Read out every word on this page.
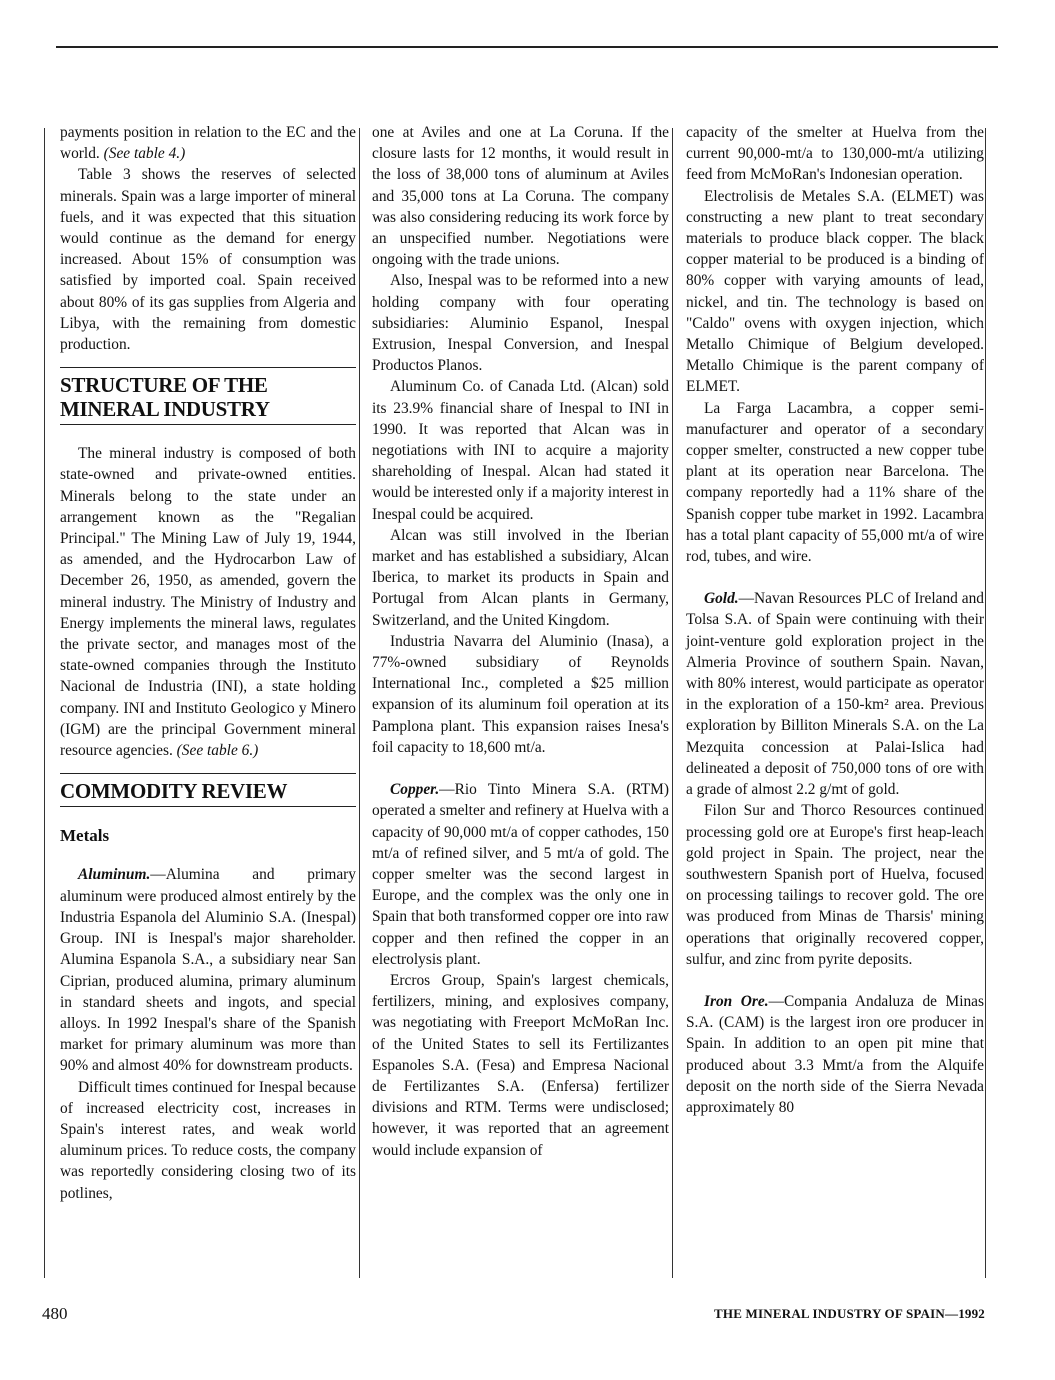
payments position in relation to the EC and the world. (See table 4.)

Table 3 shows the reserves of selected minerals. Spain was a large importer of mineral fuels, and it was expected that this situation would continue as the demand for energy increased. About 15% of consumption was satisfied by imported coal. Spain received about 80% of its gas supplies from Algeria and Libya, with the remaining from domestic production.

STRUCTURE OF THE MINERAL INDUSTRY

The mineral industry is composed of both state-owned and private-owned entities. Minerals belong to the state under an arrangement known as the "Regalian Principal." The Mining Law of July 19, 1944, as amended, and the Hydrocarbon Law of December 26, 1950, as amended, govern the mineral industry. The Ministry of Industry and Energy implements the mineral laws, regulates the private sector, and manages most of the state-owned companies through the Instituto Nacional de Industria (INI), a state holding company. INI and Instituto Geologico y Minero (IGM) are the principal Government mineral resource agencies. (See table 6.)

COMMODITY REVIEW
Metals

Aluminum.—Alumina and primary aluminum were produced almost entirely by the Industria Espanola del Aluminio S.A. (Inespal) Group. INI is Inespal's major shareholder. Alumina Espanola S.A., a subsidiary near San Ciprian, produced alumina, primary aluminum in standard sheets and ingots, and special alloys. In 1992 Inespal's share of the Spanish market for primary aluminum was more than 90% and almost 40% for downstream products.

Difficult times continued for Inespal because of increased electricity cost, increases in Spain's interest rates, and weak world aluminum prices. To reduce costs, the company was reportedly considering closing two of its potlines,

one at Aviles and one at La Coruna. If the closure lasts for 12 months, it would result in the loss of 38,000 tons of aluminum at Aviles and 35,000 tons at La Coruna. The company was also considering reducing its work force by an unspecified number. Negotiations were ongoing with the trade unions.

Also, Inespal was to be reformed into a new holding company with four operating subsidiaries: Aluminio Espanol, Inespal Extrusion, Inespal Conversion, and Inespal Productos Planos.

Aluminum Co. of Canada Ltd. (Alcan) sold its 23.9% financial share of Inespal to INI in 1990. It was reported that Alcan was in negotiations with INI to acquire a majority shareholding of Inespal. Alcan had stated it would be interested only if a majority interest in Inespal could be acquired.

Alcan was still involved in the Iberian market and has established a subsidiary, Alcan Iberica, to market its products in Spain and Portugal from Alcan plants in Germany, Switzerland, and the United Kingdom.

Industria Navarra del Aluminio (Inasa), a 77%-owned subsidiary of Reynolds International Inc., completed a $25 million expansion of its aluminum foil operation at its Pamplona plant. This expansion raises Inesa's foil capacity to 18,600 mt/a.

Copper.—Rio Tinto Minera S.A. (RTM) operated a smelter and refinery at Huelva with a capacity of 90,000 mt/a of copper cathodes, 150 mt/a of refined silver, and 5 mt/a of gold. The copper smelter was the second largest in Europe, and the complex was the only one in Spain that both transformed copper ore into raw copper and then refined the copper in an electrolysis plant.

Ercros Group, Spain's largest chemicals, fertilizers, mining, and explosives company, was negotiating with Freeport McMoRan Inc. of the United States to sell its Fertilizantes Espanoles S.A. (Fesa) and Empresa Nacional de Fertilizantes S.A. (Enfersa) fertilizer divisions and RTM. Terms were undisclosed; however, it was reported that an agreement would include expansion of

capacity of the smelter at Huelva from the current 90,000-mt/a to 130,000-mt/a utilizing feed from McMoRan's Indonesian operation.

Electrolisis de Metales S.A. (ELMET) was constructing a new plant to treat secondary materials to produce black copper. The black copper material to be produced is a binding of 80% copper with varying amounts of lead, nickel, and tin. The technology is based on "Caldo" ovens with oxygen injection, which Metallo Chimique of Belgium developed. Metallo Chimique is the parent company of ELMET.

La Farga Lacambra, a copper semi-manufacturer and operator of a secondary copper smelter, constructed a new copper tube plant at its operation near Barcelona. The company reportedly had a 11% share of the Spanish copper tube market in 1992. Lacambra has a total plant capacity of 55,000 mt/a of wire rod, tubes, and wire.

Gold.—Navan Resources PLC of Ireland and Tolsa S.A. of Spain were continuing with their joint-venture gold exploration project in the Almeria Province of southern Spain. Navan, with 80% interest, would participate as operator in the exploration of a 150-km² area. Previous exploration by Billiton Minerals S.A. on the La Mezquita concession at Palai-Islica had delineated a deposit of 750,000 tons of ore with a grade of almost 2.2 g/mt of gold.

Filon Sur and Thorco Resources continued processing gold ore at Europe's first heap-leach gold project in Spain. The project, near the southwestern Spanish port of Huelva, focused on processing tailings to recover gold. The ore was produced from Minas de Tharsis' mining operations that originally recovered copper, sulfur, and zinc from pyrite deposits.

Iron Ore.—Compania Andaluza de Minas S.A. (CAM) is the largest iron ore producer in Spain. In addition to an open pit mine that produced about 3.3 Mmt/a from the Alquife deposit on the north side of the Sierra Nevada approximately 80

480	THE MINERAL INDUSTRY OF SPAIN—1992
